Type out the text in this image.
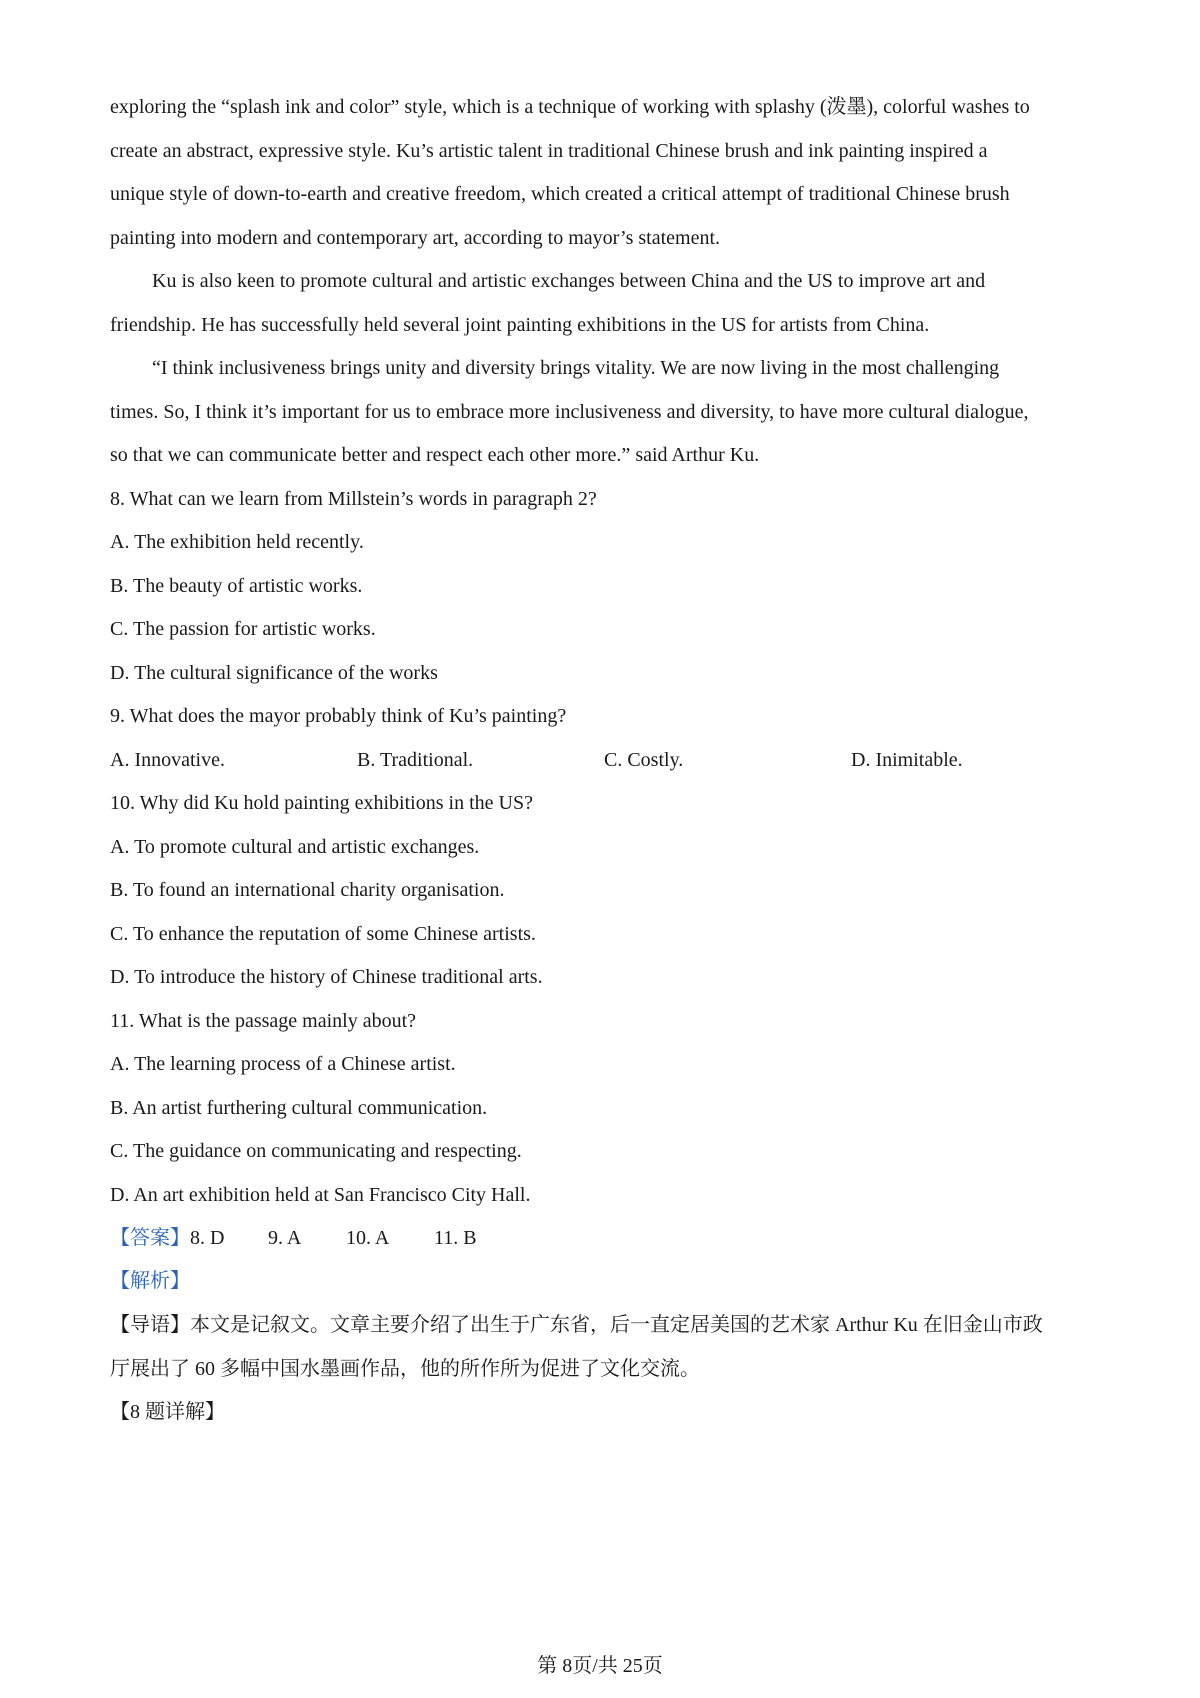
exploring the “splash ink and color” style, which is a technique of working with splashy (泼墨), colorful washes to
create an abstract, expressive style. Ku’s artistic talent in traditional Chinese brush and ink painting inspired a
unique style of down-to-earth and creative freedom, which created a critical attempt of traditional Chinese brush
painting into modern and contemporary art, according to mayor’s statement.
Ku is also keen to promote cultural and artistic exchanges between China and the US to improve art and
friendship. He has successfully held several joint painting exhibitions in the US for artists from China.
“I think inclusiveness brings unity and diversity brings vitality. We are now living in the most challenging
times. So, I think it’s important for us to embrace more inclusiveness and diversity, to have more cultural dialogue,
so that we can communicate better and respect each other more.” said Arthur Ku.
8. What can we learn from Millstein’s words in paragraph 2?
A. The exhibition held recently.
B. The beauty of artistic works.
C. The passion for artistic works.
D. The cultural significance of the works
9. What does the mayor probably think of Ku’s painting?
A. Innovative.	B. Traditional.	C. Costly.	D. Inimitable.
10. Why did Ku hold painting exhibitions in the US?
A. To promote cultural and artistic exchanges.
B. To found an international charity organisation.
C. To enhance the reputation of some Chinese artists.
D. To introduce the history of Chinese traditional arts.
11. What is the passage mainly about?
A. The learning process of a Chinese artist.
B. An artist furthering cultural communication.
C. The guidance on communicating and respecting.
D. An art exhibition held at San Francisco City Hall.
【答案】8. D 9. A 10. A 11. B
【解析】
【导语】本文是记叙文。文章主要介绍了出生于广东省，后一直定居美国的艺术家 Arthur Ku 在旧金山市政
厅展出了 60 多幅中国水墨画作品，他的所作所为促进了文化交流。
【8 题详解】
第 8页/共 25页
